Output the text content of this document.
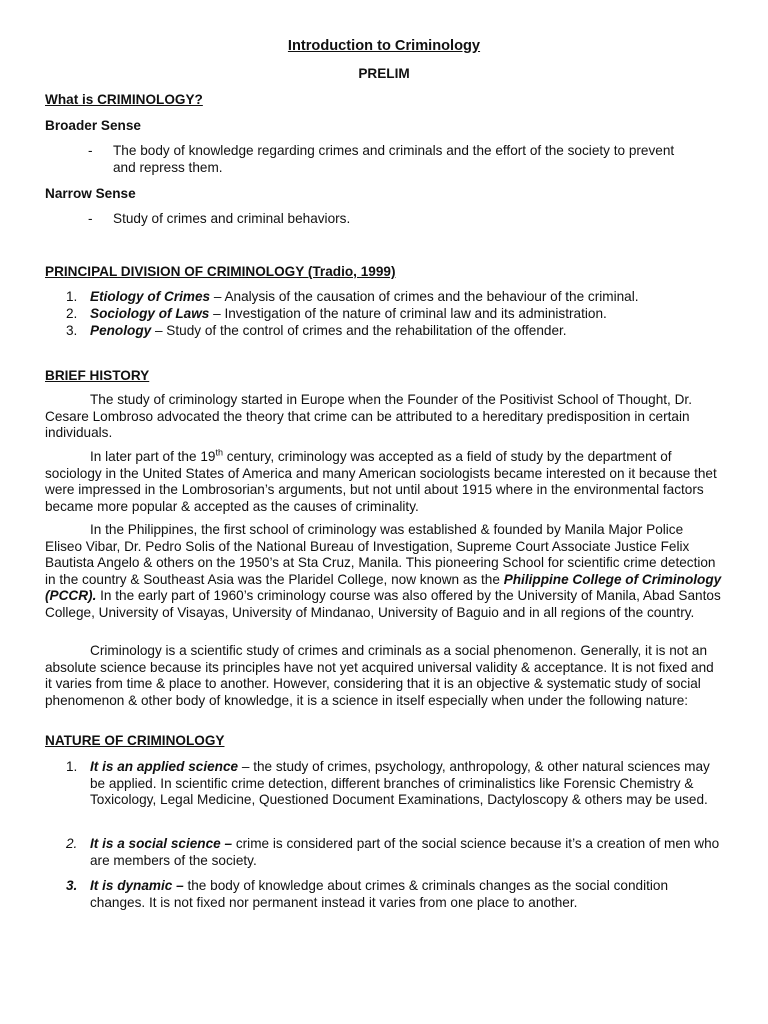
Introduction to Criminology
PRELIM
What is CRIMINOLOGY?
Broader Sense
- The body of knowledge regarding crimes and criminals and the effort of the society to prevent and repress them.
Narrow Sense
- Study of crimes and criminal behaviors.
PRINCIPAL DIVISION OF CRIMINOLOGY (Tradio, 1999)
1. Etiology of Crimes – Analysis of the causation of crimes and the behaviour of the criminal.
2. Sociology of Laws – Investigation of the nature of criminal law and its administration.
3. Penology – Study of the control of crimes and the rehabilitation of the offender.
BRIEF HISTORY

The study of criminology started in Europe when the Founder of the Positivist School of Thought, Dr. Cesare Lombroso advocated the theory that crime can be attributed to a hereditary predisposition in certain individuals.

In later part of the 19th century, criminology was accepted as a field of study by the department of sociology in the United States of America and many American sociologists became interested on it because thet were impressed in the Lombrosorian’s arguments, but not until about 1915 where in the environmental factors became more popular & accepted as the causes of criminality.

In the Philippines, the first school of criminology was established & founded by Manila Major Police Eliseo Vibar, Dr. Pedro Solis of the National Bureau of Investigation, Supreme Court Associate Justice Felix Bautista Angelo & others on the 1950’s at Sta Cruz, Manila. This pioneering School for scientific crime detection in the country & Southeast Asia was the Plaridel College, now known as the Philippine College of Criminology (PCCR). In the early part of 1960’s criminology course was also offered by the University of Manila, Abad Santos College, University of Visayas, University of Mindanao, University of Baguio and in all regions of the country.

Criminology is a scientific study of crimes and criminals as a social phenomenon. Generally, it is not an absolute science because its principles have not yet acquired universal validity & acceptance. It is not fixed and it varies from time & place to another. However, considering that it is an objective & systematic study of social phenomenon & other body of knowledge, it is a science in itself especially when under the following nature:

NATURE OF CRIMINOLOGY
1. It is an applied science – the study of crimes, psychology, anthropology, & other natural sciences may be applied. In scientific crime detection, different branches of criminalistics like Forensic Chemistry & Toxicology, Legal Medicine, Questioned Document Examinations, Dactyloscopy & others may be used.
2. It is a social science – crime is considered part of the social science because it’s a creation of men who are members of the society.
3. It is dynamic – the body of knowledge about crimes & criminals changes as the social condition changes. It is not fixed nor permanent instead it varies from one place to another.
